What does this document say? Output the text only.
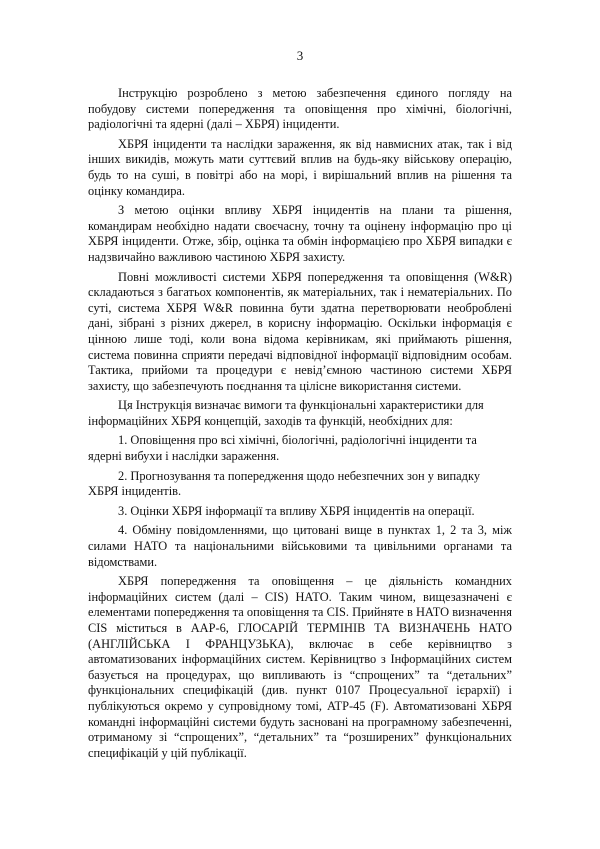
3

Інструкцію розроблено з метою забезпечення єдиного погляду на побудову системи попередження та оповіщення про хімічні, біологічні, радіологічні та ядерні (далі – ХБРЯ) інциденти.

ХБРЯ інциденти та наслідки зараження, як від навмисних атак, так і від інших викидів, можуть мати суттєвий вплив на будь-яку військову операцію, будь то на суші, в повітрі або на морі, і вирішальний вплив на рішення та оцінку командира.

З метою оцінки впливу ХБРЯ інцидентів на плани та рішення, командирам необхідно надати своєчасну, точну та оцінену інформацію про ці ХБРЯ інциденти. Отже, збір, оцінка та обмін інформацією про ХБРЯ випадки є надзвичайно важливою частиною ХБРЯ захисту.

Повні можливості системи ХБРЯ попередження та оповіщення (W&R) складаються з багатьох компонентів, як матеріальних, так і нематеріальних. По суті, система ХБРЯ W&R повинна бути здатна перетворювати необроблені дані, зібрані з різних джерел, в корисну інформацію. Оскільки інформація є цінною лише тоді, коли вона відома керівникам, які приймають рішення, система повинна сприяти передачі відповідної інформації відповідним особам. Тактика, прийоми та процедури є невід’ємною частиною системи ХБРЯ захисту, що забезпечують поєднання та цілісне використання системи.

Ця Інструкція визначає вимоги та функціональні характеристики для інформаційних ХБРЯ концепцій, заходів та функцій, необхідних для:

1. Оповіщення про всі хімічні, біологічні, радіологічні інциденти та ядерні вибухи і наслідки зараження.

2. Прогнозування та попередження щодо небезпечних зон у випадку ХБРЯ інцидентів.

3. Оцінки ХБРЯ інформації та впливу ХБРЯ інцидентів на операції.

4. Обміну повідомленнями, що цитовані вище в пунктах 1, 2 та 3, між силами НАТО та національними військовими та цивільними органами та відомствами.

ХБРЯ попередження та оповіщення – це діяльність командних інформаційних систем (далі – CIS) НАТО. Таким чином, вищезазначені є елементами попередження та оповіщення та CIS. Прийняте в НАТО визначення CIS міститься в AAP-6, ГЛОСАРІЙ ТЕРМІНІВ ТА ВИЗНАЧЕНЬ НАТО (АНГЛІЙСЬКА І ФРАНЦУЗЬКА), включає в себе керівництво з автоматизованих інформаційних систем. Керівництво з Інформаційних систем базується на процедурах, що випливають із “спрощених” та “детальних” функціональних специфікацій (див. пункт 0107 Процесуальної ієрархії) і публікуються окремо у супровідному томі, ATP-45 (F). Автоматизовані ХБРЯ командні інформаційні системи будуть засновані на програмному забезпеченні, отриманому зі “спрощених”, “детальних” та “розширених” функціональних специфікацій у цій публікації.
